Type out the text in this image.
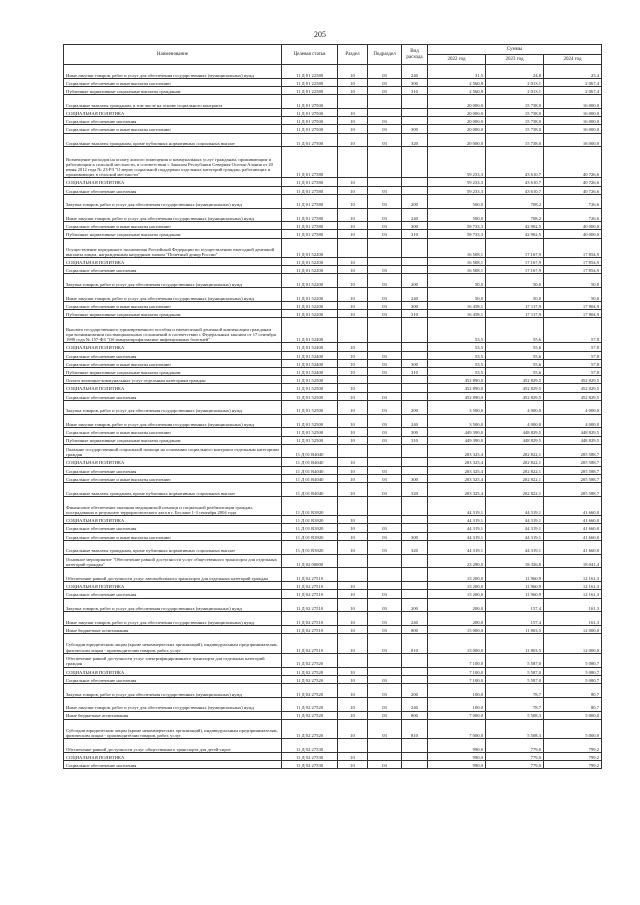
205
Наименование	Целевая статья	Раздел	Подраздел	Вид расхода	Суммы		
					2022 год	2023 год	2024 год
Иные закупки товаров, работ и услуг для обеспечения государственных (муниципальных) нужд	11 Д 01 22580	10	03	240	31,5	24,8	25,4
Социальное обеспечение и иные выплаты населению	11 Д 01 22580	10	03	300	2 560,8	2 013,1	2 067,4
Публичные нормативные социальные выплаты гражданам	11 Д 01 22580	10	03	310	2 560,8	2 013,1	2 067,4
Социальные выплаты гражданам, в том числе на основе социального контракта	11 Д 01 27500				20 000,0	15 738,0	16 000,0
СОЦИАЛЬНАЯ ПОЛИТИКА	11 Д 01 27500	10			20 000,0	15 738,0	16 000,0
Социальное обеспечение населения	11 Д 01 27500	10	03		20 000,0	15 738,0	16 000,0
Социальное обеспечение и иные выплаты населению	11 Д 01 27500	10	03	300	20 000,0	15 738,0	16 000,0
Социальные выплаты гражданам, кроме публичных нормативных социальных выплат	11 Д 01 27500	10	03	320	20 000,0	15 738,0	16 000,0
Возмещение расходов на оплату жилого помещения и коммунальных услуг гражданам, проживающим и работающим в сельской местности, в соответствии с Законом Республики Северная Осетия-Алания от 20 июня 2012 года № 23-РЗ "О мерах социальной поддержки отдельных категорий граждан, работающих и проживающих в сельской местности"	11 Д 01 27580				59 233,3	43 610,7	40 726,6
СОЦИАЛЬНАЯ ПОЛИТИКА	11 Д 01 27580	10			59 233,3	43 610,7	40 726,6
Социальное обеспечение населения	11 Д 01 27580	10	03		59 233,3	43 610,7	40 726,6
Закупка товаров, работ и услуг для обеспечения государственных (муниципальных) нужд	11 Д 01 27580	10	03	200	500,0	708,2	726,6
Иные закупки товаров, работ и услуг для обеспечения государственных (муниципальных) нужд	11 Д 01 27580	10	03	240	500,0	708,2	726,6
Социальное обеспечение и иные выплаты населению	11 Д 01 27580	10	03	300	58 733,3	42 902,5	40 000,0
Публичные нормативные социальные выплаты гражданам	11 Д 01 27580	10	03	310	58 733,3	42 902,5	40 000,0
Осуществление переданного полномочия Российской Федерации по осуществлению ежегодной денежной выплаты лицам, награжденным нагрудным знаком "Почетный донор России"	11 Д 01 52200				16 508,1	17 167,9	17 854,9
СОЦИАЛЬНАЯ ПОЛИТИКА	11 Д 01 52200	10			16 508,1	17 167,9	17 854,9
Социальное обеспечение населения	11 Д 01 52200	10	03		16 508,1	17 167,9	17 854,9
Закупка товаров, работ и услуг для обеспечения государственных (муниципальных) нужд	11 Д 01 52200	10	03	200	50,0	50,0	50,0
Иные закупки товаров, работ и услуг для обеспечения государственных (муниципальных) нужд	11 Д 01 52200	10	03	240	50,0	50,0	50,0
Социальное обеспечение и иные выплаты населению	11 Д 01 52200	10	03	300	16 458,1	17 117,9	17 804,9
Публичные нормативные социальные выплаты гражданам	11 Д 01 52200	10	03	310	16 458,1	17 117,9	17 804,9
Выплата государственного единовременного пособия и ежемесячной денежной компенсации гражданам при возникновении поствакцинальных осложнений в соответствии с Федеральным законом от 17 сентября 1998 года № 157-ФЗ "Об иммунопрофилактике инфекционных болезней"	11 Д 01 52400				53,5	55,6	57,8
СОЦИАЛЬНАЯ ПОЛИТИКА	11 Д 01 52400	10			53,5	55,6	57,8
Социальное обеспечение населения	11 Д 01 52400	10	03		53,5	55,6	57,8
Социальное обеспечение и иные выплаты населению	11 Д 01 52400	10	03	300	53,5	55,6	57,8
Публичные нормативные социальные выплаты гражданам	11 Д 01 52400	10	03	310	53,5	55,6	57,8
Оплата жилищно-коммунальных услуг отдельным категориям граждан	11 Д 01 52500				452 890,0	452 829,5	452 829,5
СОЦИАЛЬНАЯ ПОЛИТИКА	11 Д 01 52500	10			452 890,0	452 829,5	452 829,5
Социальное обеспечение населения	11 Д 01 52500	10	03		452 890,0	452 829,5	452 829,5
Закупка товаров, работ и услуг для обеспечения государственных (муниципальных) нужд	11 Д 01 52500	10	03	200	3 500,0	4 000,0	4 000,0
Иные закупки товаров, работ и услуг для обеспечения государственных (муниципальных) нужд	11 Д 01 52500	10	03	240	3 500,0	4 000,0	4 000,0
Социальное обеспечение и иные выплаты населению	11 Д 01 52500	10	03	300	449 390,0	448 829,5	448 829,5
Публичные нормативные социальные выплаты гражданам	11 Д 01 52500	10	03	310	449 390,0	448 829,5	448 829,5
Оказание государственной социальной помощи на основании социального контракта отдельным категориям граждан	11 Д 01 R4040				203 325,4	202 822,1	205 588,7
СОЦИАЛЬНАЯ ПОЛИТИКА	11 Д 01 R4040	10			203 325,4	202 822,1	205 588,7
Социальное обеспечение населения	11 Д 01 R4040	10	03		203 325,4	202 822,1	205 588,7
Социальное обеспечение и иные выплаты населению	11 Д 01 R4040	10	03	300	203 325,4	202 822,1	205 588,7
Социальные выплаты гражданам, кроме публичных нормативных социальных выплат	11 Д 01 R4040	10	03	320	203 325,4	202 822,1	205 588,7
Финансовое обеспечение оказания медицинской помощи и социальной реабилитации граждан, пострадавших в результате террористического акта в г. Беслане 1-3 сентября 2004 года	11 Д 01 R3920				44 319,1	44 319,1	41 660,0
СОЦИАЛЬНАЯ ПОЛИТИКА	11 Д 01 R3920	10			44 319,1	44 319,1	41 660,0
Социальное обеспечение населения	11 Д 01 R3920	10	03		44 319,1	44 319,1	41 660,0
Социальное обеспечение и иные выплаты населению	11 Д 01 R3920	10	03	300	44 319,1	44 319,1	41 660,0
Социальные выплаты гражданам, кроме публичных нормативных социальных выплат	11 Д 01 R3920	10	03	320	44 319,1	44 319,1	41 660,0
Основное мероприятие "Обеспечение равной доступности услуг общественного транспорта для отдельных категорий граждан"	11 Д 02 00000				23 290,0	18 326,8	18 041,4
Обеспечение равной доступности услуг автомобильного транспорта для отдельных категорий граждан	11 Д 02 27510				15 200,0	11 960,9	12 161,3
СОЦИАЛЬНАЯ ПОЛИТИКА	11 Д 02 27510	10			15 200,0	11 960,9	12 161,3
Социальное обеспечение населения	11 Д 02 27510	10	03		15 200,0	11 960,9	12 161,3
Закупка товаров, работ и услуг для обеспечения государственных (муниципальных) нужд	11 Д 02 27510	10	03	200	200,0	157,4	161,3
Иные закупки товаров, работ и услуг для обеспечения государственных (муниципальных) нужд	11 Д 02 27510	10	03	240	200,0	157,4	161,3
Иные бюджетные ассигнования	11 Д 02 27510	10	03	800	15 000,0	11 803,5	12 000,0
Субсидии юридическим лицам (кроме некоммерческих организаций), индивидуальным предпринимателям, физическим лицам - производителям товаров, работ, услуг	11 Д 02 27510	10	03	810	15 000,0	11 803,5	12 000,0
Обеспечение равной доступности услуг электрифицированного транспорта для отдельных категорий граждан	11 Д 02 27520				7 100,0	5 587,0	5 080,7
СОЦИАЛЬНАЯ ПОЛИТИКА	11 Д 02 27520	10			7 100,0	5 587,0	5 080,7
Социальное обеспечение населения	11 Д 02 27520	10	03		7 100,0	5 587,0	5 080,7
Закупка товаров, работ и услуг для обеспечения государственных (муниципальных) нужд	11 Д 02 27520	10	03	200	100,0	78,7	80,7
Иные закупки товаров, работ и услуг для обеспечения государственных (муниципальных) нужд	11 Д 02 27520	10	03	240	100,0	78,7	80,7
Иные бюджетные ассигнования	11 Д 02 27520	10	03	800	7 000,0	5 508,3	5 000,0
Субсидии юридическим лицам (кроме некоммерческих организаций), индивидуальным предпринимателям, физическим лицам - производителям товаров, работ, услуг	11 Д 02 27520	10	03	810	7 000,0	5 508,3	5 000,0
Обеспечение равной доступности услуг общественного транспорта для детей-сирот	11 Д 02 27530				990,0	779,0	799,2
СОЦИАЛЬНАЯ ПОЛИТИКА	11 Д 02 27530	10			990,0	779,0	799,2
Социальное обеспечение населения	11 Д 02 27530	10	03		990,0	779,0	799,2
